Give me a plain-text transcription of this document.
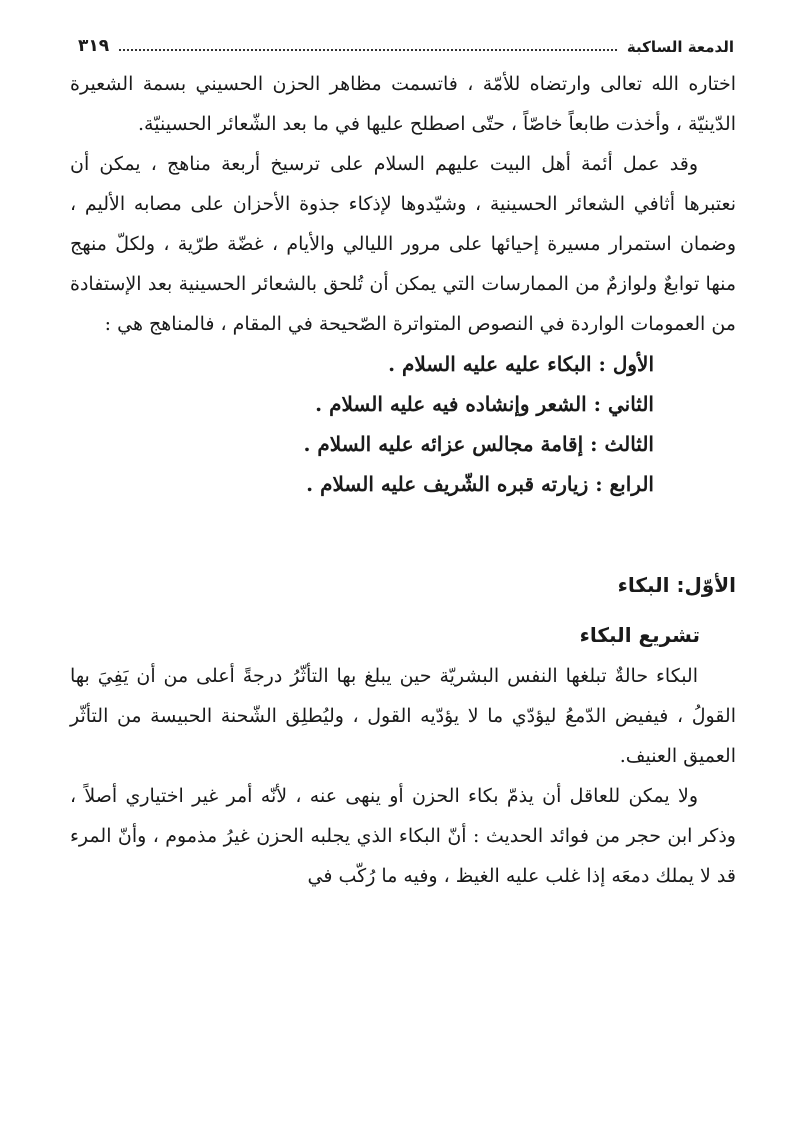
الدمعة الساكبة
٣١٩

اختاره الله تعالى وارتضاه للأمّة ، فاتسمت مظاهر الحزن الحسيني بسمة الشعيرة الدّينيّة ، وأخذت طابعاً خاصّاً ، حتّى اصطلح عليها في ما بعد الشّعائر الحسينيّة.

وقد عمل أئمة أهل البيت عليهم السلام على ترسيخ أربعة مناهج ، يمكن أن نعتبرها أثافي الشعائر الحسينية ، وشيّدوها لإذكاء جذوة الأحزان على مصابه الأليم ، وضمان استمرار مسيرة إحيائها على مرور الليالي والأيام ، غضّة طرّية ، ولكلّ منهج منها توابعٌ ولوازمٌ من الممارسات التي يمكن أن تُلحق بالشعائر الحسينية بعد الإستفادة من العمومات الواردة في النصوص المتواترة الصّحيحة في المقام ، فالمناهج هي :

الأول : البكاء عليه عليه السلام .
الثاني : الشعر وإنشاده فيه عليه السلام .
الثالث : إقامة مجالس عزائه عليه السلام .
الرابع : زيارته قبره الشّريف عليه السلام .
الأوّل: البكاء
تشريع البكاء

البكاء حالةٌ تبلغها النفس البشريّة حين يبلغ بها التأثّرُ درجةً أعلى من أن يَفِيَ بها القولُ ، فيفيض الدّمعُ ليؤدّي ما لا يؤدّيه القول ، وليُطلِق الشّحنة الحبيسة من التأثّر العميق العنيف.

ولا يمكن للعاقل أن يذمّ بكاء الحزن أو ينهى عنه ، لأنّه أمر غير اختياري أصلاً ، وذكر ابن حجر من فوائد الحديث : أنّ البكاء الذي يجلبه الحزن غيرُ مذموم ، وأنّ المرء قد لا يملك دمعَه إذا غلب عليه الغيظ ، وفيه ما رُكّب في
